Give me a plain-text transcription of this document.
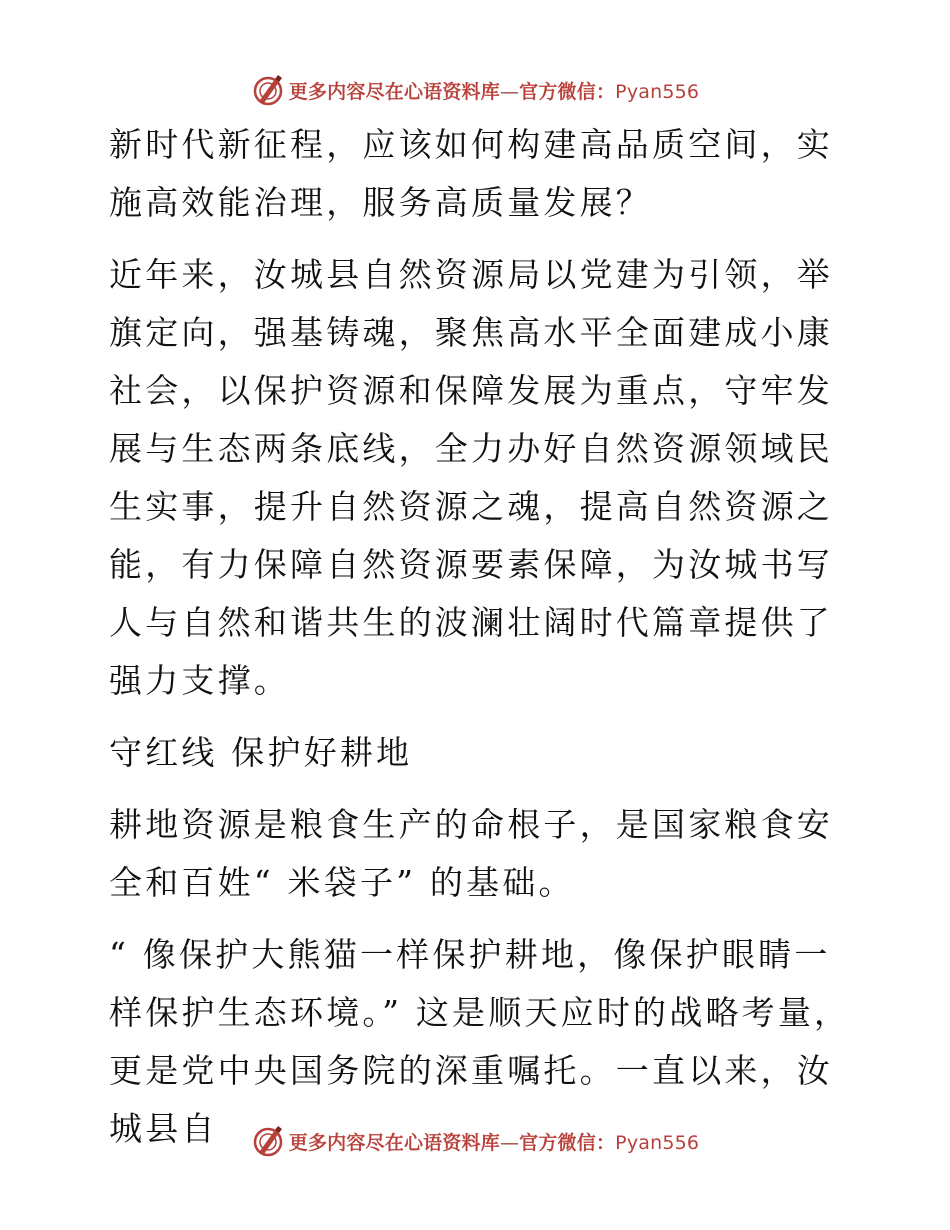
更多内容尽在心语资料库—官方微信：Pyan556

新时代新征程，应该如何构建高品质空间，实施高效能治理，服务高质量发展？

近年来，汝城县自然资源局以党建为引领，举旗定向，强基铸魂，聚焦高水平全面建成小康社会，以保护资源和保障发展为重点，守牢发展与生态两条底线，全力办好自然资源领域民生实事，提升自然资源之魂，提高自然资源之能，有力保障自然资源要素保障，为汝城书写人与自然和谐共生的波澜壮阔时代篇章提供了强力支撑。

守红线 保护好耕地

耕地资源是粮食生产的命根子，是国家粮食安全和百姓“ 米袋子” 的基础。

“ 像保护大熊猫一样保护耕地，像保护眼睛一样保护生态环境。” 这是顺天应时的战略考量，更是党中央国务院的深重嘱托。一直以来，汝城县自	更多内容尽在心语资料库—官方微信：Pyan556
